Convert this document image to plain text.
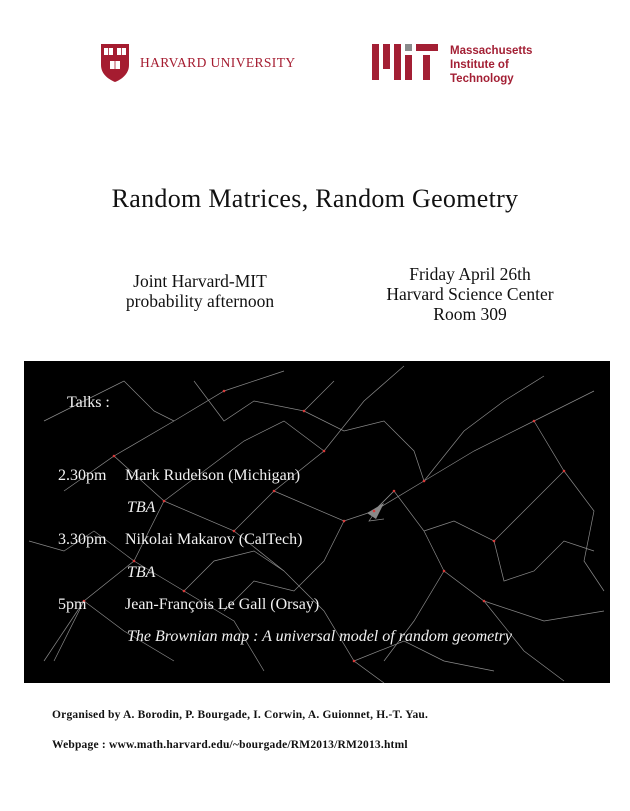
HARVARD UNIVERSITY
Massachusetts
Institute of
Technology
Random Matrices, Random Geometry
Joint Harvard-MIT
probability afternoon
Friday April 26th
Harvard Science Center
Room 309
Talks :
2.30pm Mark Rudelson (Michigan)
TBA
3.30pm Nikolai Makarov (CalTech)
TBA
5pm Jean-François Le Gall (Orsay)
The Brownian map : A universal model of random geometry
Organised by A. Borodin, P. Bourgade, I. Corwin, A. Guionnet, H.-T. Yau.
Webpage : www.math.harvard.edu/~bourgade/RM2013/RM2013.html
